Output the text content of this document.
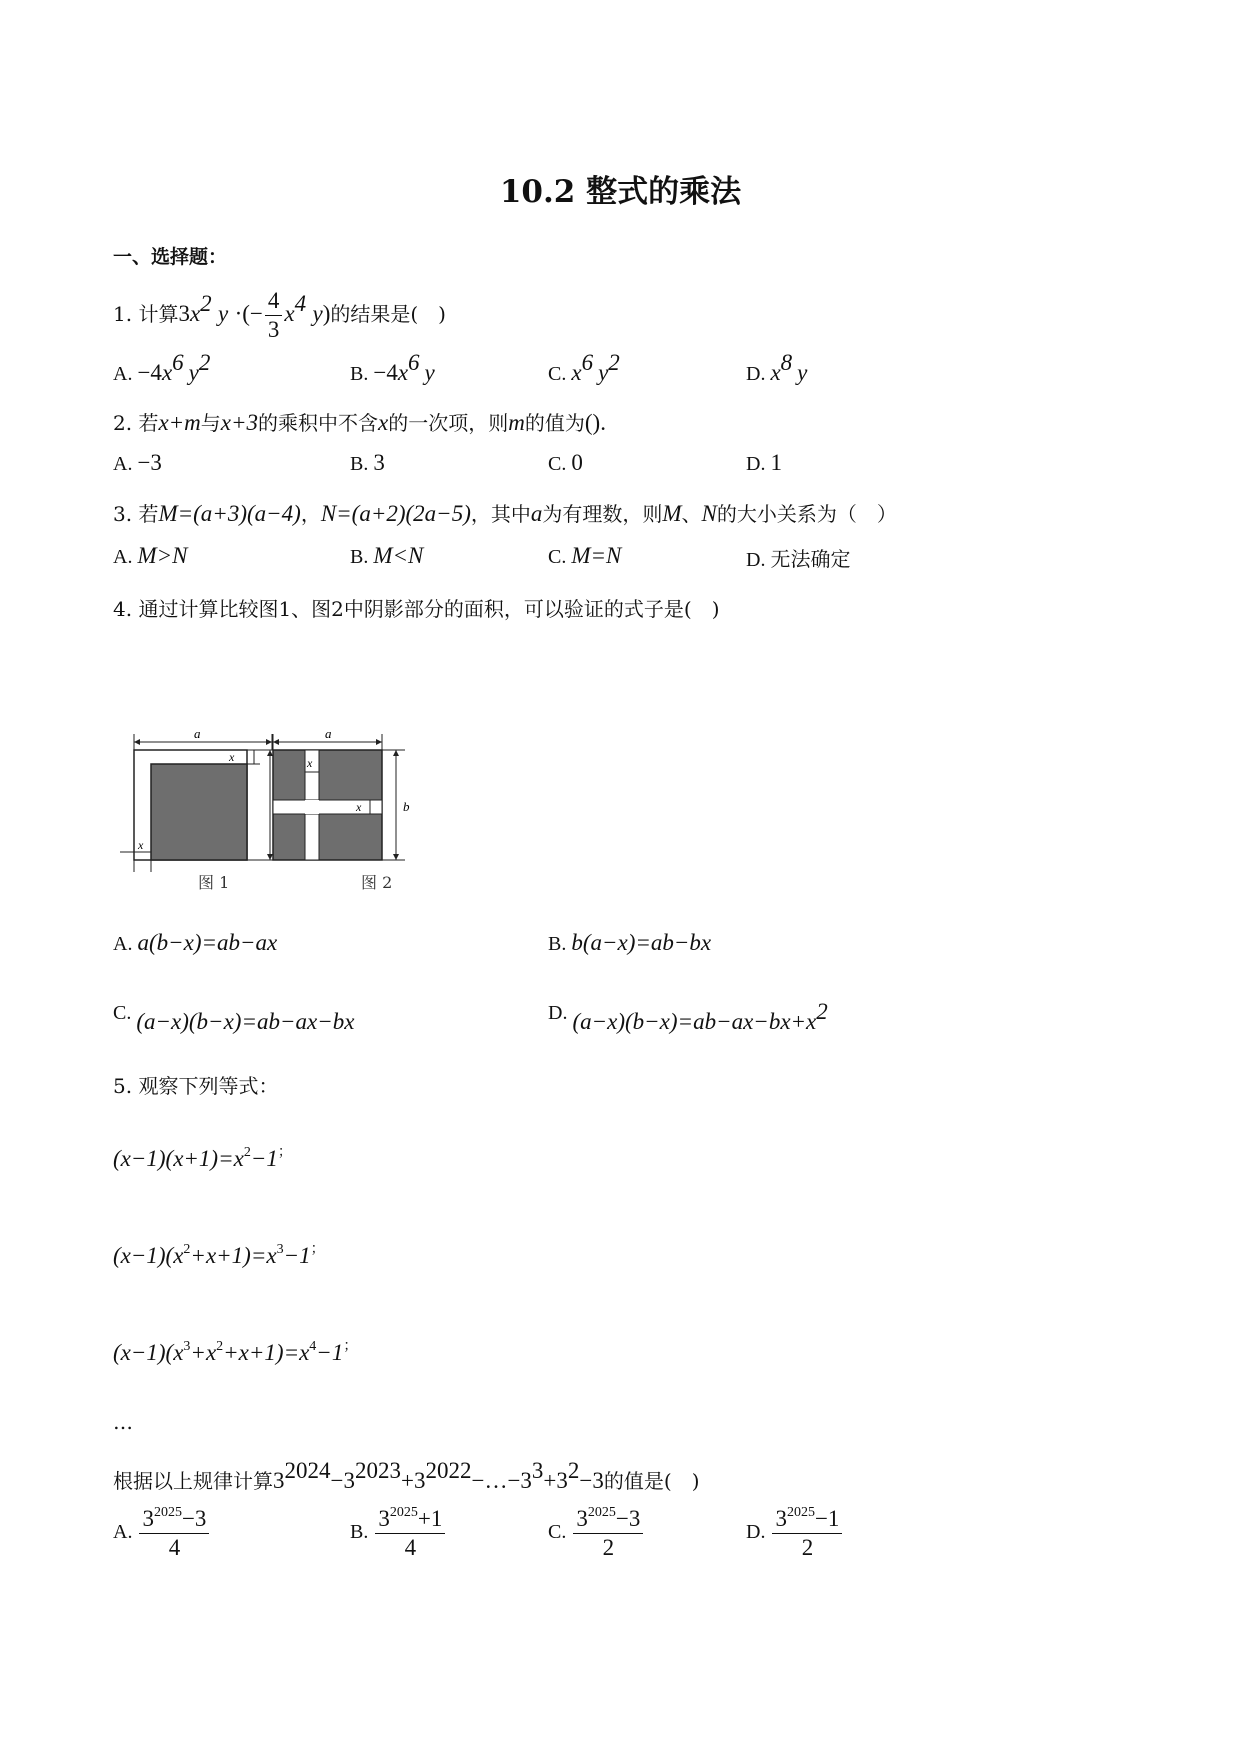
10.2 整式的乘法
一、选择题：
1. 计算$3x^2$ y ·(− $\frac{4}{3} x^4$ y)的结果是(　)
A. $-4x^6$ $y^2$	B. $-4x^6$ y	C. $x^6$ $y^2$	D. $x^8$ y
2. 若x+m与x+3的乘积中不含x的一次项，则m的值为().
A. −3	B. 3	C. 0	D. 1
3. 若M=(a+3)(a−4)，N=(a+2)(2a−5)，其中a为有理数，则M、N的大小关系为（　）
A. M>N	B. M<N	C. M=N	D. 无法确定
4. 通过计算比较图1、图2中阴影部分的面积，可以验证的式子是(　)
a
x
x
a
x
x	b
图 1	图 2
A. a(b−x)=ab−ax	B. b(a−x)=ab−bx
C. (a−x)(b−x)=ab−ax−bx	D. $(a-x)(b-x)=ab-ax-bx+x^2$
5. 观察下列等式：
$(x-1)(x+1)=x^2-1^;$
$(x-1)(x^2+x+1)=x^3-1^;$
$(x-1)(x^3+x^2+x+1)=x^4-1^;$
…
根据以上规律计算$3^{2024}-3^{2023}+3^{2022}-\dots-3^3+3^2-3$的值是(　)
A. $\frac{3^{2025}-3}{4}$	B. $\frac{3^{2025}+1}{4}$	C. $\frac{3^{2025}-3}{2}$	D. $\frac{3^{2025}-1}{2}$
